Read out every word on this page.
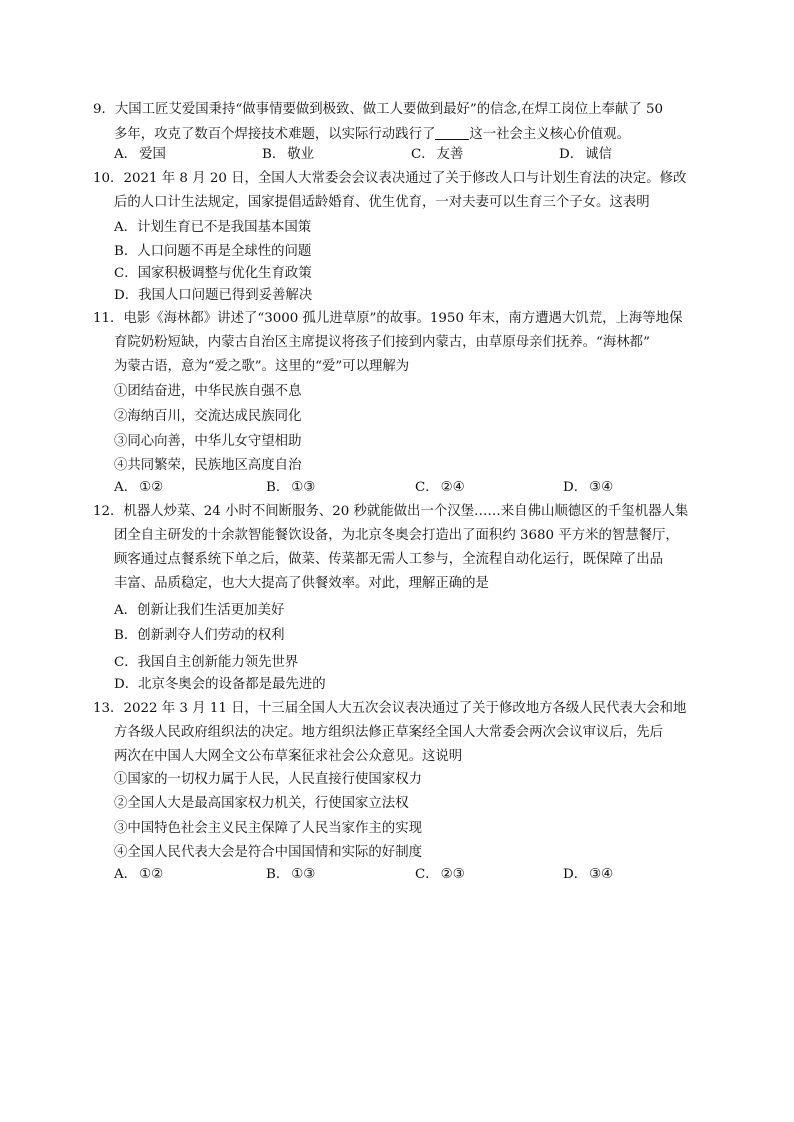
9．大国工匠艾爱国秉持“做事情要做到极致、做工人要做到最好”的信念,在焊工岗位上奉献了 50
多年，攻克了数百个焊接技术难题，以实际行动践行了	这一社会主义核心价值观。
A． 爱国	B． 敬业	C． 友善	D． 诚信
10．2021 年 8 月 20 日，全国人大常委会会议表决通过了关于修改人口与计划生育法的决定。修改
后的人口计生法规定，国家提倡适龄婚育、优生优育，一对夫妻可以生育三个子女。这表明
A．计划生育已不是我国基本国策
B．人口问题不再是全球性的问题
C．国家积极调整与优化生育政策
D．我国人口问题已得到妥善解决
11．电影《海林都》讲述了“3000 孤儿进草原”的故事。1950 年末，南方遭遇大饥荒，上海等地保
育院奶粉短缺，内蒙古自治区主席提议将孩子们接到内蒙古，由草原母亲们抚养。“海林都”
为蒙古语，意为“爱之歌”。这里的“爱”可以理解为
①团结奋进，中华民族自强不息
②海纳百川，交流达成民族同化
③同心向善，中华儿女守望相助
④共同繁荣，民族地区高度自治
A． ①②	B． ①③	C． ②④	D． ③④
12．机器人炒菜、24 小时不间断服务、20 秒就能做出一个汉堡……来自佛山顺德区的千玺机器人集
团全自主研发的十余款智能餐饮设备，为北京冬奥会打造出了面积约 3680 平方米的智慧餐厅，
顾客通过点餐系统下单之后，做菜、传菜都无需人工参与，全流程自动化运行，既保障了出品
丰富、品质稳定，也大大提高了供餐效率。对此，理解正确的是
A．创新让我们生活更加美好
B．创新剥夺人们劳动的权利
C．我国自主创新能力领先世界
D．北京冬奥会的设备都是最先进的
13．2022 年 3 月 11 日，十三届全国人大五次会议表决通过了关于修改地方各级人民代表大会和地
方各级人民政府组织法的决定。地方组织法修正草案经全国人大常委会两次会议审议后，先后
两次在中国人大网全文公布草案征求社会公众意见。这说明
①国家的一切权力属于人民，人民直接行使国家权力
②全国人大是最高国家权力机关，行使国家立法权
③中国特色社会主义民主保障了人民当家作主的实现
④全国人民代表大会是符合中国国情和实际的好制度
A． ①②	B． ①③	C． ②③	D． ③④
